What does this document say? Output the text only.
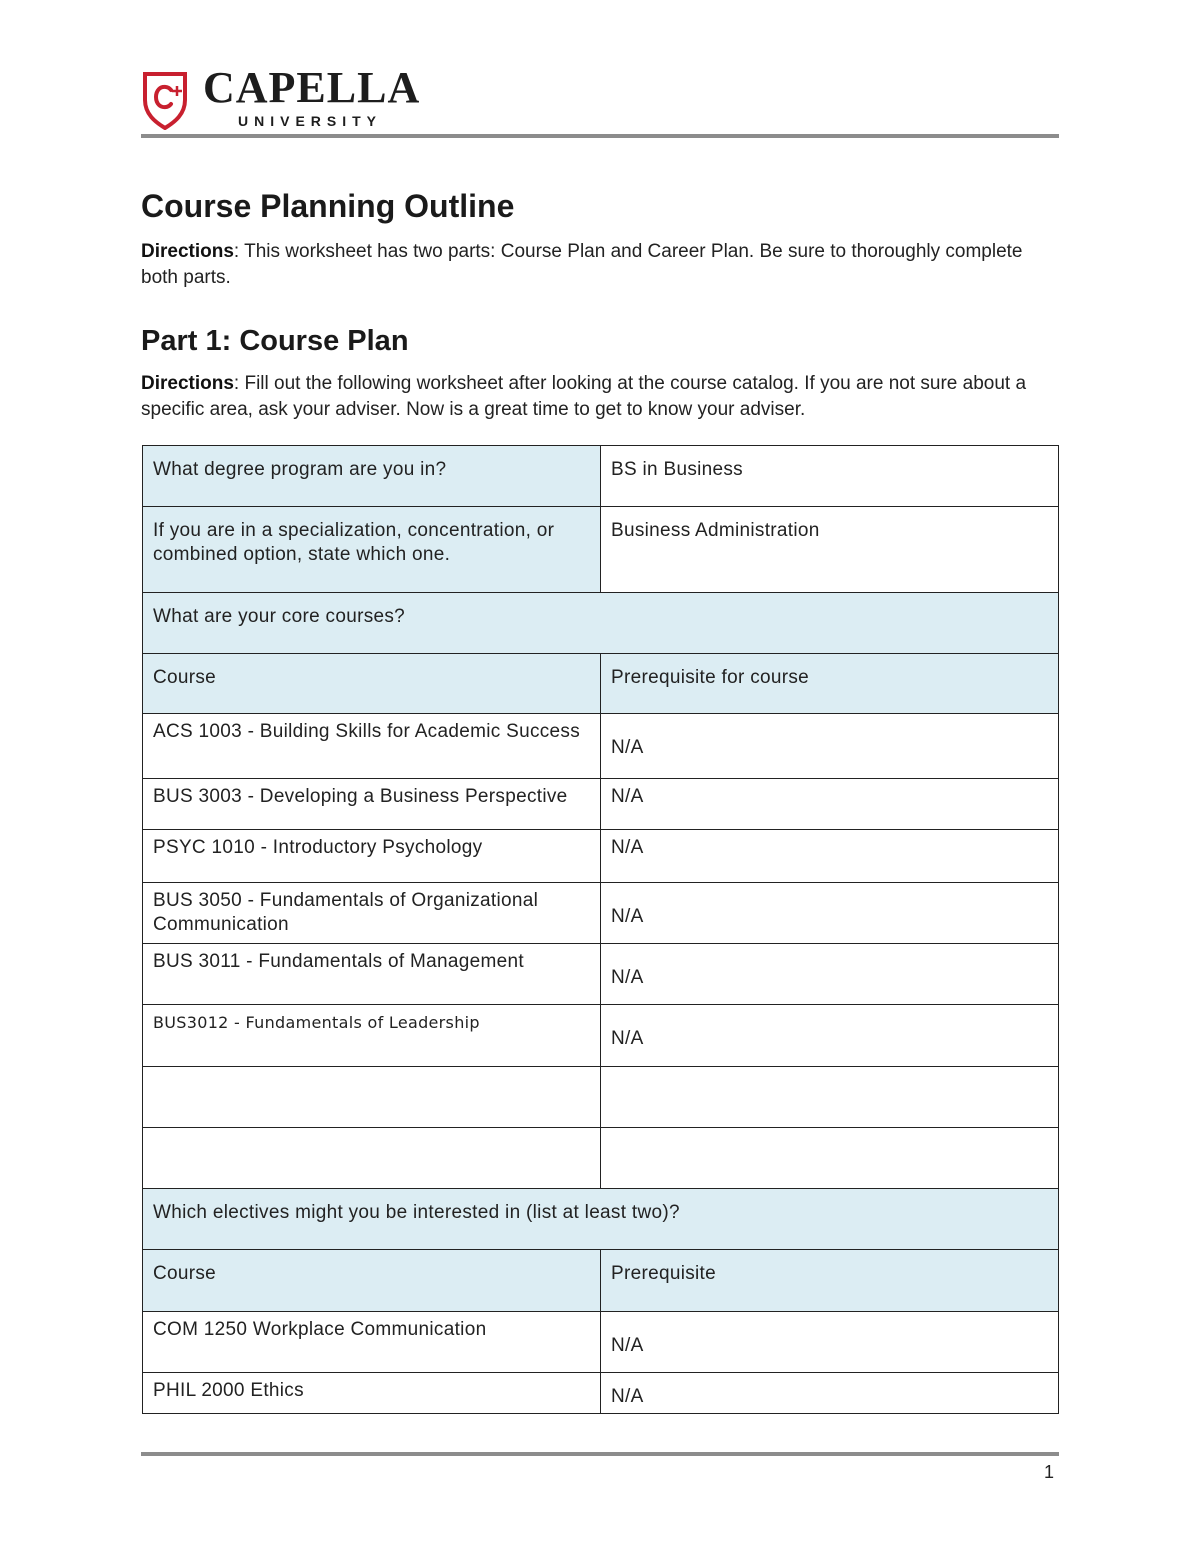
CAPELLA
UNIVERSITY
Course Planning Outline

Directions: This worksheet has two parts: Course Plan and Career Plan. Be sure to thoroughly complete both parts.

Part 1: Course Plan

Directions: Fill out the following worksheet after looking at the course catalog. If you are not sure about a specific area, ask your adviser. Now is a great time to get to know your adviser.

What degree program are you in?	BS in Business
If you are in a specialization, concentration, or combined option, state which one.	Business Administration
What are your core courses?	
Course	Prerequisite for course
ACS 1003 - Building Skills for Academic Success	N/A
BUS 3003 - Developing a Business Perspective	N/A
PSYC 1010 - Introductory Psychology	N/A
BUS 3050 - Fundamentals of Organizational Communication	N/A
BUS 3011 - Fundamentals of Management	N/A
BUS3012 - Fundamentals of Leadership	N/A

Which electives might you be interested in (list at least two)?	
Course	Prerequisite
COM 1250 Workplace Communication	N/A
PHIL 2000 Ethics	N/A
1
